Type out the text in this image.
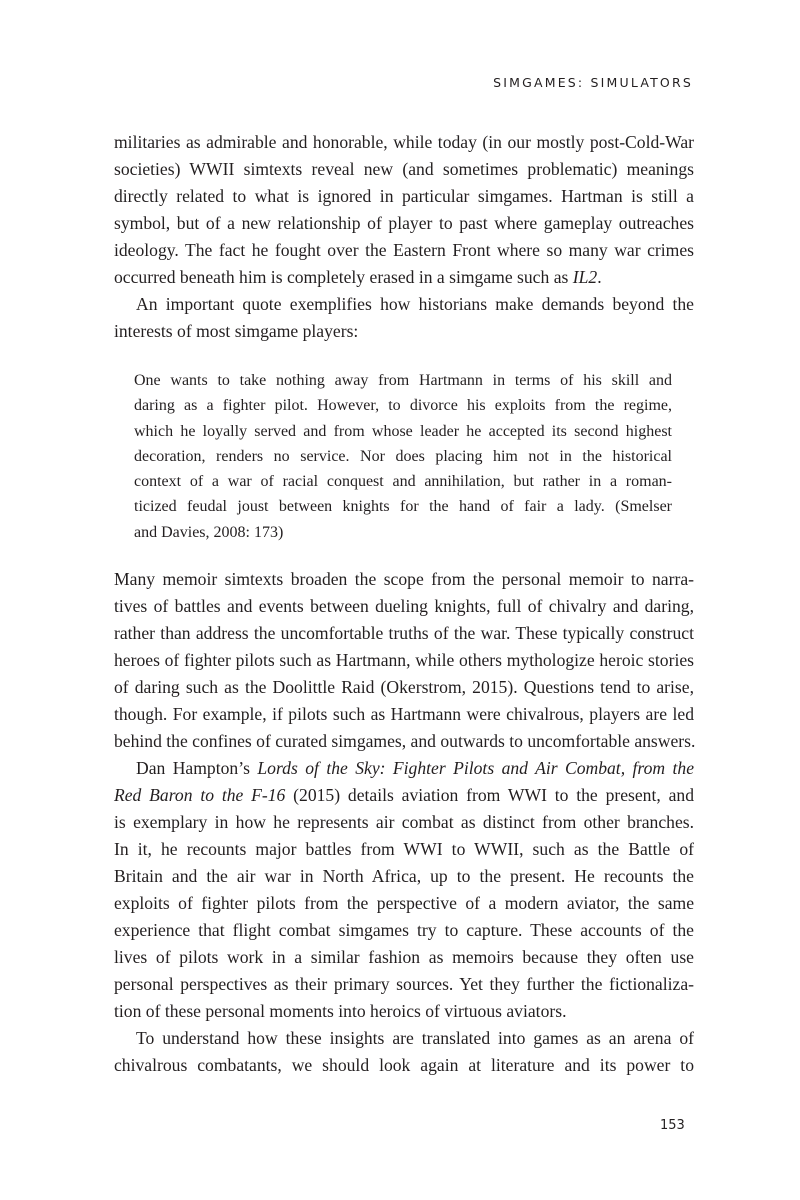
SIMGAMES: SIMULATORS
militaries as admirable and honorable, while today (in our mostly post-Cold-War
societies) WWII simtexts reveal new (and sometimes problematic) meanings
directly related to what is ignored in particular simgames. Hartman is still a
symbol, but of a new relationship of player to past where gameplay outreaches
ideology. The fact he fought over the Eastern Front where so many war crimes
occurred beneath him is completely erased in a simgame such as IL2.
An important quote exemplifies how historians make demands beyond the
interests of most simgame players:
One wants to take nothing away from Hartmann in terms of his skill and
daring as a fighter pilot. However, to divorce his exploits from the regime,
which he loyally served and from whose leader he accepted its second highest
decoration, renders no service. Nor does placing him not in the historical
context of a war of racial conquest and annihilation, but rather in a roman-
ticized feudal joust between knights for the hand of fair a lady. (Smelser
and Davies, 2008: 173)
Many memoir simtexts broaden the scope from the personal memoir to narra-
tives of battles and events between dueling knights, full of chivalry and daring,
rather than address the uncomfortable truths of the war. These typically construct
heroes of fighter pilots such as Hartmann, while others mythologize heroic stories
of daring such as the Doolittle Raid (Okerstrom, 2015). Questions tend to arise,
though. For example, if pilots such as Hartmann were chivalrous, players are led
behind the confines of curated simgames, and outwards to uncomfortable answers.
Dan Hampton’s Lords of the Sky: Fighter Pilots and Air Combat, from the
Red Baron to the F-16 (2015) details aviation from WWI to the present, and
is exemplary in how he represents air combat as distinct from other branches.
In it, he recounts major battles from WWI to WWII, such as the Battle of
Britain and the air war in North Africa, up to the present. He recounts the
exploits of fighter pilots from the perspective of a modern aviator, the same
experience that flight combat simgames try to capture. These accounts of the
lives of pilots work in a similar fashion as memoirs because they often use
personal perspectives as their primary sources. Yet they further the fictionaliza-
tion of these personal moments into heroics of virtuous aviators.
To understand how these insights are translated into games as an arena of
chivalrous combatants, we should look again at literature and its power to
153
